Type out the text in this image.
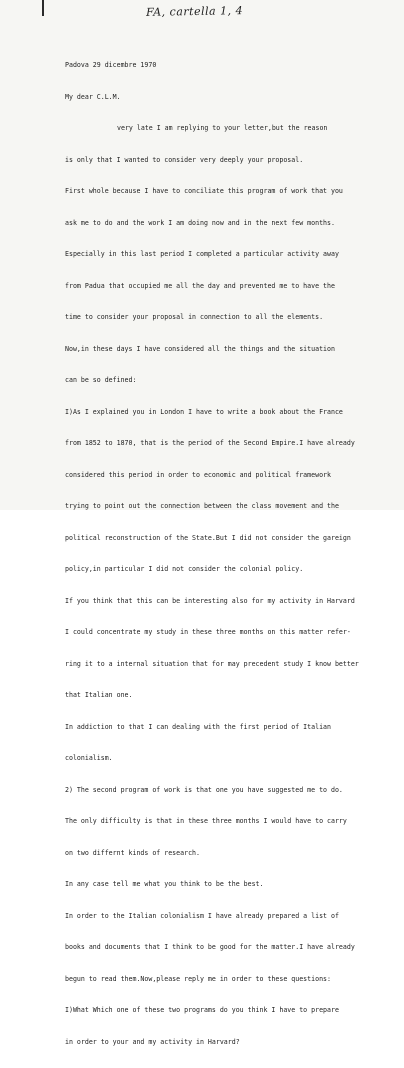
FA, cartella 1, 4

Padova 29 dicembre 1970

My dear C.L.M.

very late I am replying to your letter,but the reason

is only that I wanted to consider very deeply your proposal.

First whole because I have to conciliate this program of work that you

ask me to do and the work I am doing now and in the next few months.

Especially in this last period I completed a particular activity away

from Padua that occupied me all the day and prevented me to have the

time to consider your proposal in connection to all the elements.

Now,in these days I have considered all the things and the situation

can be so defined:

I)As I explained you in London I have to write a book about the France

from 1852 to 1870, that is the period of the Second Empire.I have already

considered this period in order to economic and political framework

trying to point out the connection between the class movement and the

political reconstruction of the State.But I did not consider the gareign

policy,in particular I did not consider the colonial policy.

If you think that this can be interesting also for my activity in Harvard

I could concentrate my study in these three months on this matter refer-

ring it to a internal situation that for may precedent study I know better

that Italian one.

In addiction to that I can dealing with the first period of Italian

colonialism.

2) The second program of work is that one you have suggested me to do.

The only difficulty is that in these three months I would have to carry

on two differnt kinds of research.

In any case tell me what you think to be the best.

In order to the Italian colonialism I have already prepared a list of

books and documents that I think to be good for the matter.I have already

begun to read them.Now,please reply me in order to these questions:

I)What Which one of these two programs do you think I have to prepare

in order to your and my activity in Harvard?
